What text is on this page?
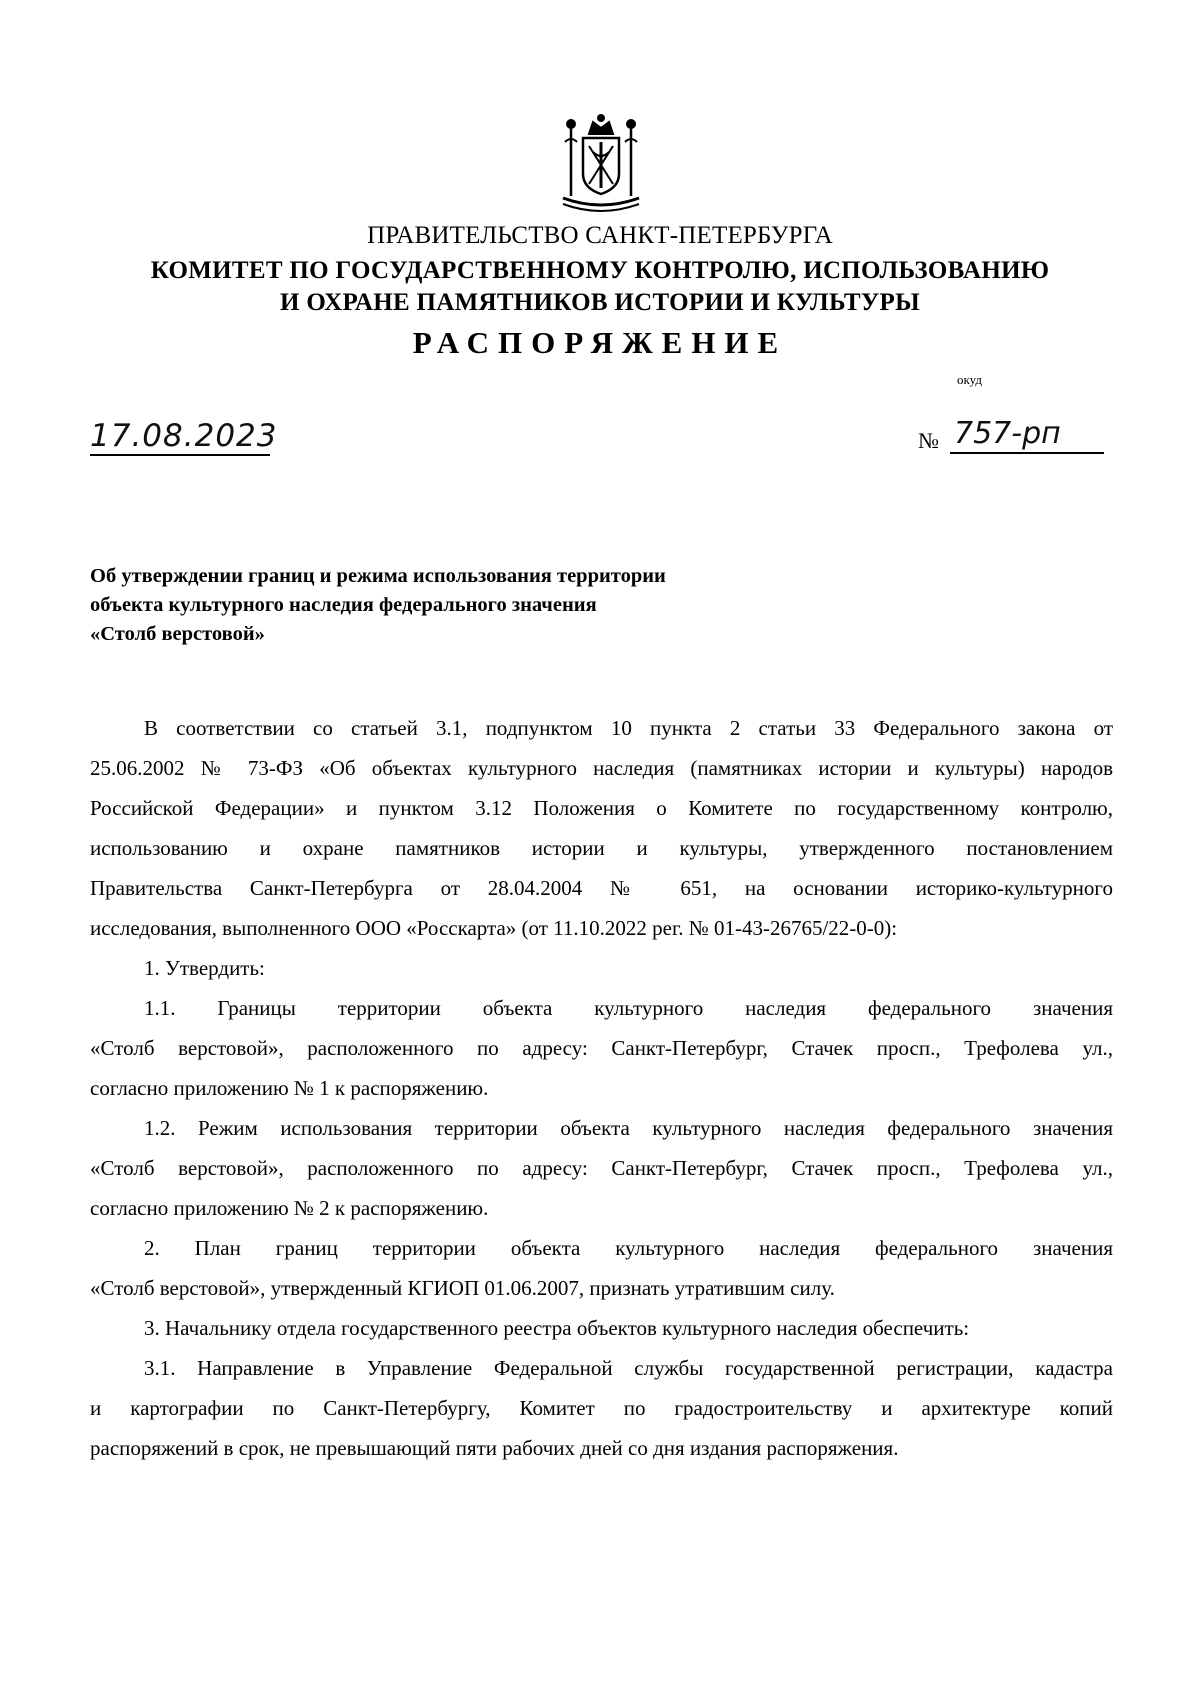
ПРАВИТЕЛЬСТВО САНКТ-ПЕТЕРБУРГА
КОМИТЕТ ПО ГОСУДАРСТВЕННОМУ КОНТРОЛЮ, ИСПОЛЬЗОВАНИЮ
И ОХРАНЕ ПАМЯТНИКОВ ИСТОРИИ И КУЛЬТУРЫ
РАСПОРЯЖЕНИЕ
окуд
17.08.2023	№ 757-рп
Об утверждении границ и режима использования территории
объекта культурного наследия федерального значения
«Столб верстовой»
В соответствии со статьей 3.1, подпунктом 10 пункта 2 статьи 33 Федерального закона от
25.06.2002 № 73-ФЗ «Об объектах культурного наследия (памятниках истории и культуры) народов
Российской Федерации» и пунктом 3.12 Положения о Комитете по государственному контролю,
использованию и охране памятников истории и культуры, утвержденного постановлением
Правительства Санкт-Петербурга от 28.04.2004 № 651, на основании историко-культурного
исследования, выполненного ООО «Росскарта» (от 11.10.2022 рег. № 01-43-26765/22-0-0):
1. Утвердить:
1.1. Границы территории объекта культурного наследия федерального значения
«Столб верстовой», расположенного по адресу: Санкт-Петербург, Стачек просп., Трефолева ул.,
согласно приложению № 1 к распоряжению.
1.2. Режим использования территории объекта культурного наследия федерального значения
«Столб верстовой», расположенного по адресу: Санкт-Петербург, Стачек просп., Трефолева ул.,
согласно приложению № 2 к распоряжению.
2. План границ территории объекта культурного наследия федерального значения
«Столб верстовой», утвержденный КГИОП 01.06.2007, признать утратившим силу.
3. Начальнику отдела государственного реестра объектов культурного наследия обеспечить:
3.1. Направление в Управление Федеральной службы государственной регистрации, кадастра
и картографии по Санкт-Петербургу, Комитет по градостроительству и архитектуре копий
распоряжений в срок, не превышающий пяти рабочих дней со дня издания распоряжения.
